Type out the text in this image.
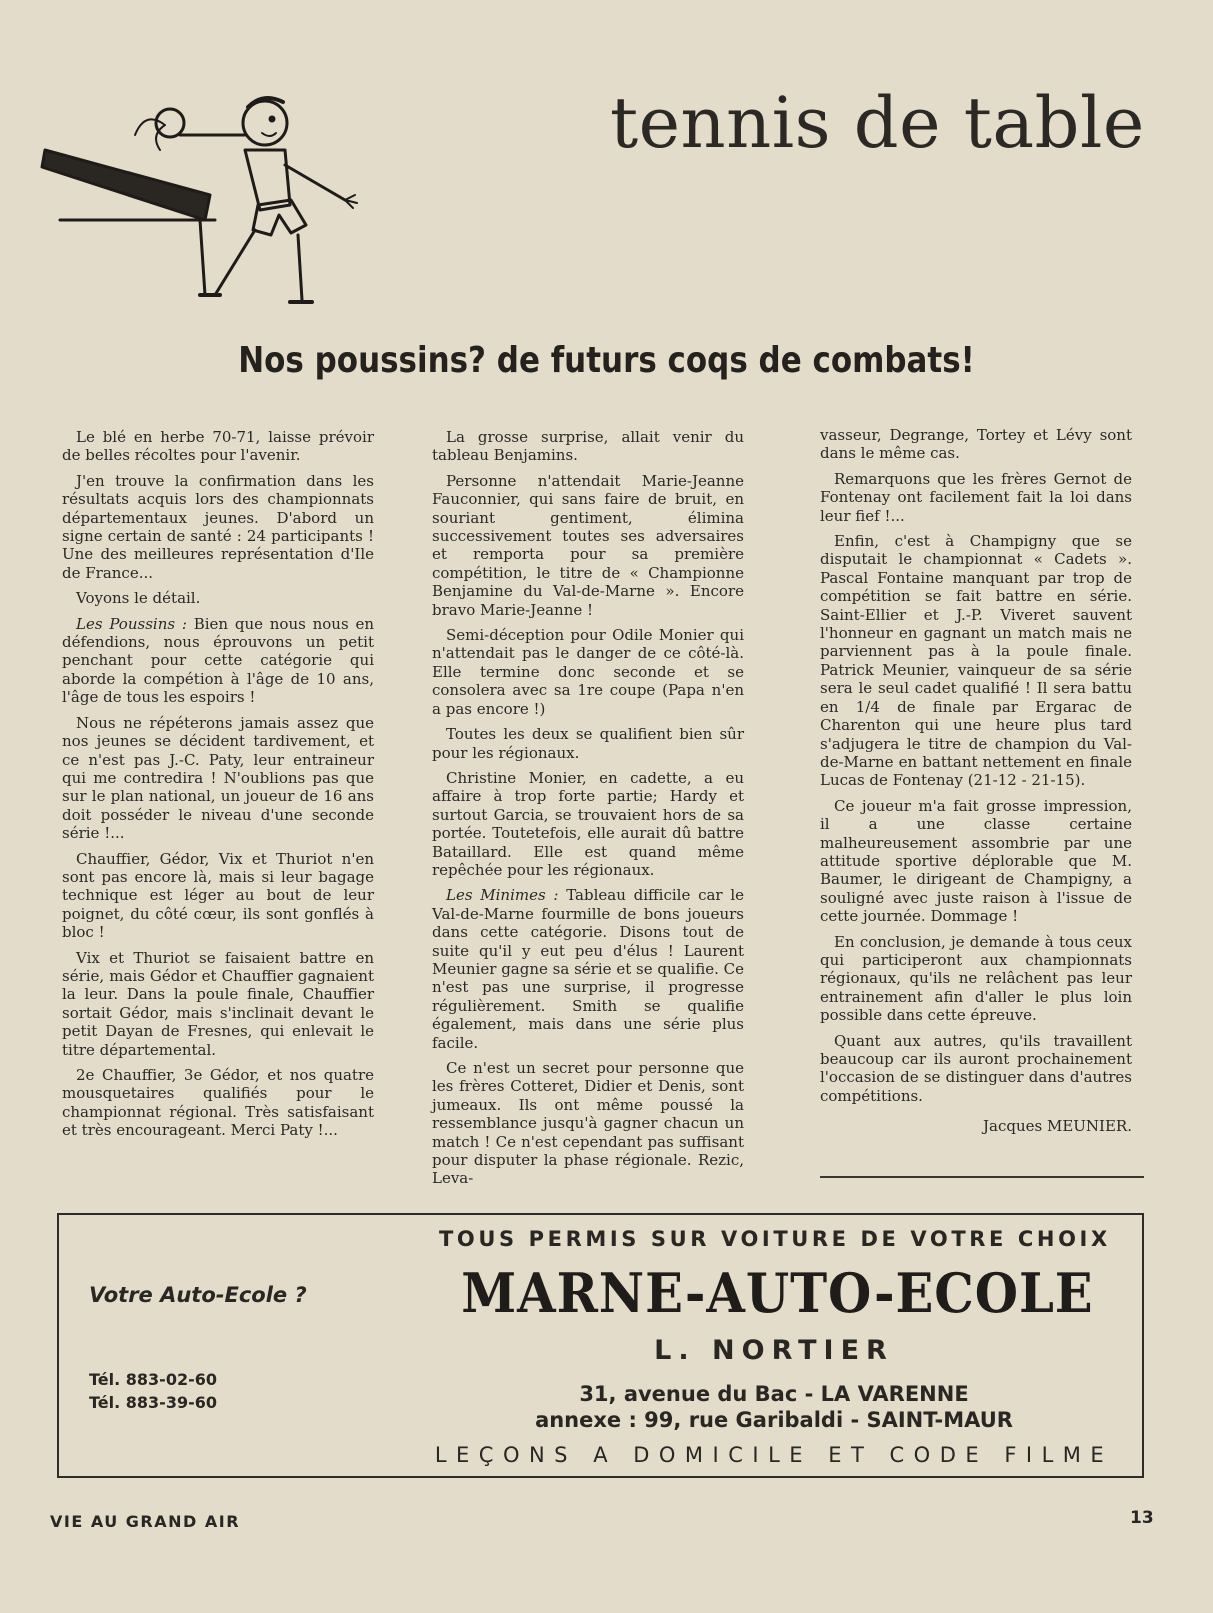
tennis de table
Nos poussins? de futurs coqs de combats!

Le blé en herbe 70-71, laisse prévoir de belles récoltes pour l'avenir.

J'en trouve la confirmation dans les résultats acquis lors des championnats départementaux jeunes. D'abord un signe certain de santé : 24 participants ! Une des meilleures représentation d'Ile de France...

Voyons le détail.

Les Poussins : Bien que nous nous en défendions, nous éprouvons un petit penchant pour cette catégorie qui aborde la compétion à l'âge de 10 ans, l'âge de tous les espoirs !

Nous ne répéterons jamais assez que nos jeunes se décident tardivement, et ce n'est pas J.-C. Paty, leur entraineur qui me contredira ! N'oublions pas que sur le plan national, un joueur de 16 ans doit posséder le niveau d'une seconde série !...

Chauffier, Gédor, Vix et Thuriot n'en sont pas encore là, mais si leur bagage technique est léger au bout de leur poignet, du côté cœur, ils sont gonflés à bloc !

Vix et Thuriot se faisaient battre en série, mais Gédor et Chauffier gagnaient la leur. Dans la poule finale, Chauffier sortait Gédor, mais s'inclinait devant le petit Dayan de Fresnes, qui enlevait le titre départemental.

2e Chauffier, 3e Gédor, et nos quatre mousquetaires qualifiés pour le championnat régional. Très satisfaisant et très encourageant. Merci Paty !...

La grosse surprise, allait venir du tableau Benjamins.

Personne n'attendait Marie-Jeanne Fauconnier, qui sans faire de bruit, en souriant gentiment, élimina successivement toutes ses adversaires et remporta pour sa première compétition, le titre de « Championne Benjamine du Val-de-Marne ». Encore bravo Marie-Jeanne !

Semi-déception pour Odile Monier qui n'attendait pas le danger de ce côté-là. Elle termine donc seconde et se consolera avec sa 1re coupe (Papa n'en a pas encore !)

Toutes les deux se qualifient bien sûr pour les régionaux.

Christine Monier, en cadette, a eu affaire à trop forte partie; Hardy et surtout Garcia, se trouvaient hors de sa portée. Toutetefois, elle aurait dû battre Bataillard. Elle est quand même repêchée pour les régionaux.

Les Minimes : Tableau difficile car le Val-de-Marne fourmille de bons joueurs dans cette catégorie. Disons tout de suite qu'il y eut peu d'élus ! Laurent Meunier gagne sa série et se qualifie. Ce n'est pas une surprise, il progresse régulièrement. Smith se qualifie également, mais dans une série plus facile.

Ce n'est un secret pour personne que les frères Cotteret, Didier et Denis, sont jumeaux. Ils ont même poussé la ressemblance jusqu'à gagner chacun un match ! Ce n'est cependant pas suffisant pour disputer la phase régionale. Rezic, Leva-

vasseur, Degrange, Tortey et Lévy sont dans le même cas.

Remarquons que les frères Gernot de Fontenay ont facilement fait la loi dans leur fief !...

Enfin, c'est à Champigny que se disputait le championnat « Cadets ». Pascal Fontaine manquant par trop de compétition se fait battre en série. Saint-Ellier et J.-P. Viveret sauvent l'honneur en gagnant un match mais ne parviennent pas à la poule finale. Patrick Meunier, vainqueur de sa série sera le seul cadet qualifié ! Il sera battu en 1/4 de finale par Ergarac de Charenton qui une heure plus tard s'adjugera le titre de champion du Val-de-Marne en battant nettement en finale Lucas de Fontenay (21-12 - 21-15).

Ce joueur m'a fait grosse impression, il a une classe certaine malheureusement assombrie par une attitude sportive déplorable que M. Baumer, le dirigeant de Champigny, a souligné avec juste raison à l'issue de cette journée. Dommage !

En conclusion, je demande à tous ceux qui participeront aux championnats régionaux, qu'ils ne relâchent pas leur entrainement afin d'aller le plus loin possible dans cette épreuve.

Quant aux autres, qu'ils travaillent beaucoup car ils auront prochainement l'occasion de se distinguer dans d'autres compétitions.

Jacques MEUNIER.

Votre Auto-Ecole ?
Tél. 883-02-60
Tél. 883-39-60
TOUS PERMIS SUR VOITURE DE VOTRE CHOIX
MARNE-AUTO-ECOLE
L. NORTIER
31, avenue du Bac - LA VARENNE
annexe : 99, rue Garibaldi - SAINT-MAUR
LEÇONS A DOMICILE ET CODE FILME
VIE AU GRAND AIR	13
